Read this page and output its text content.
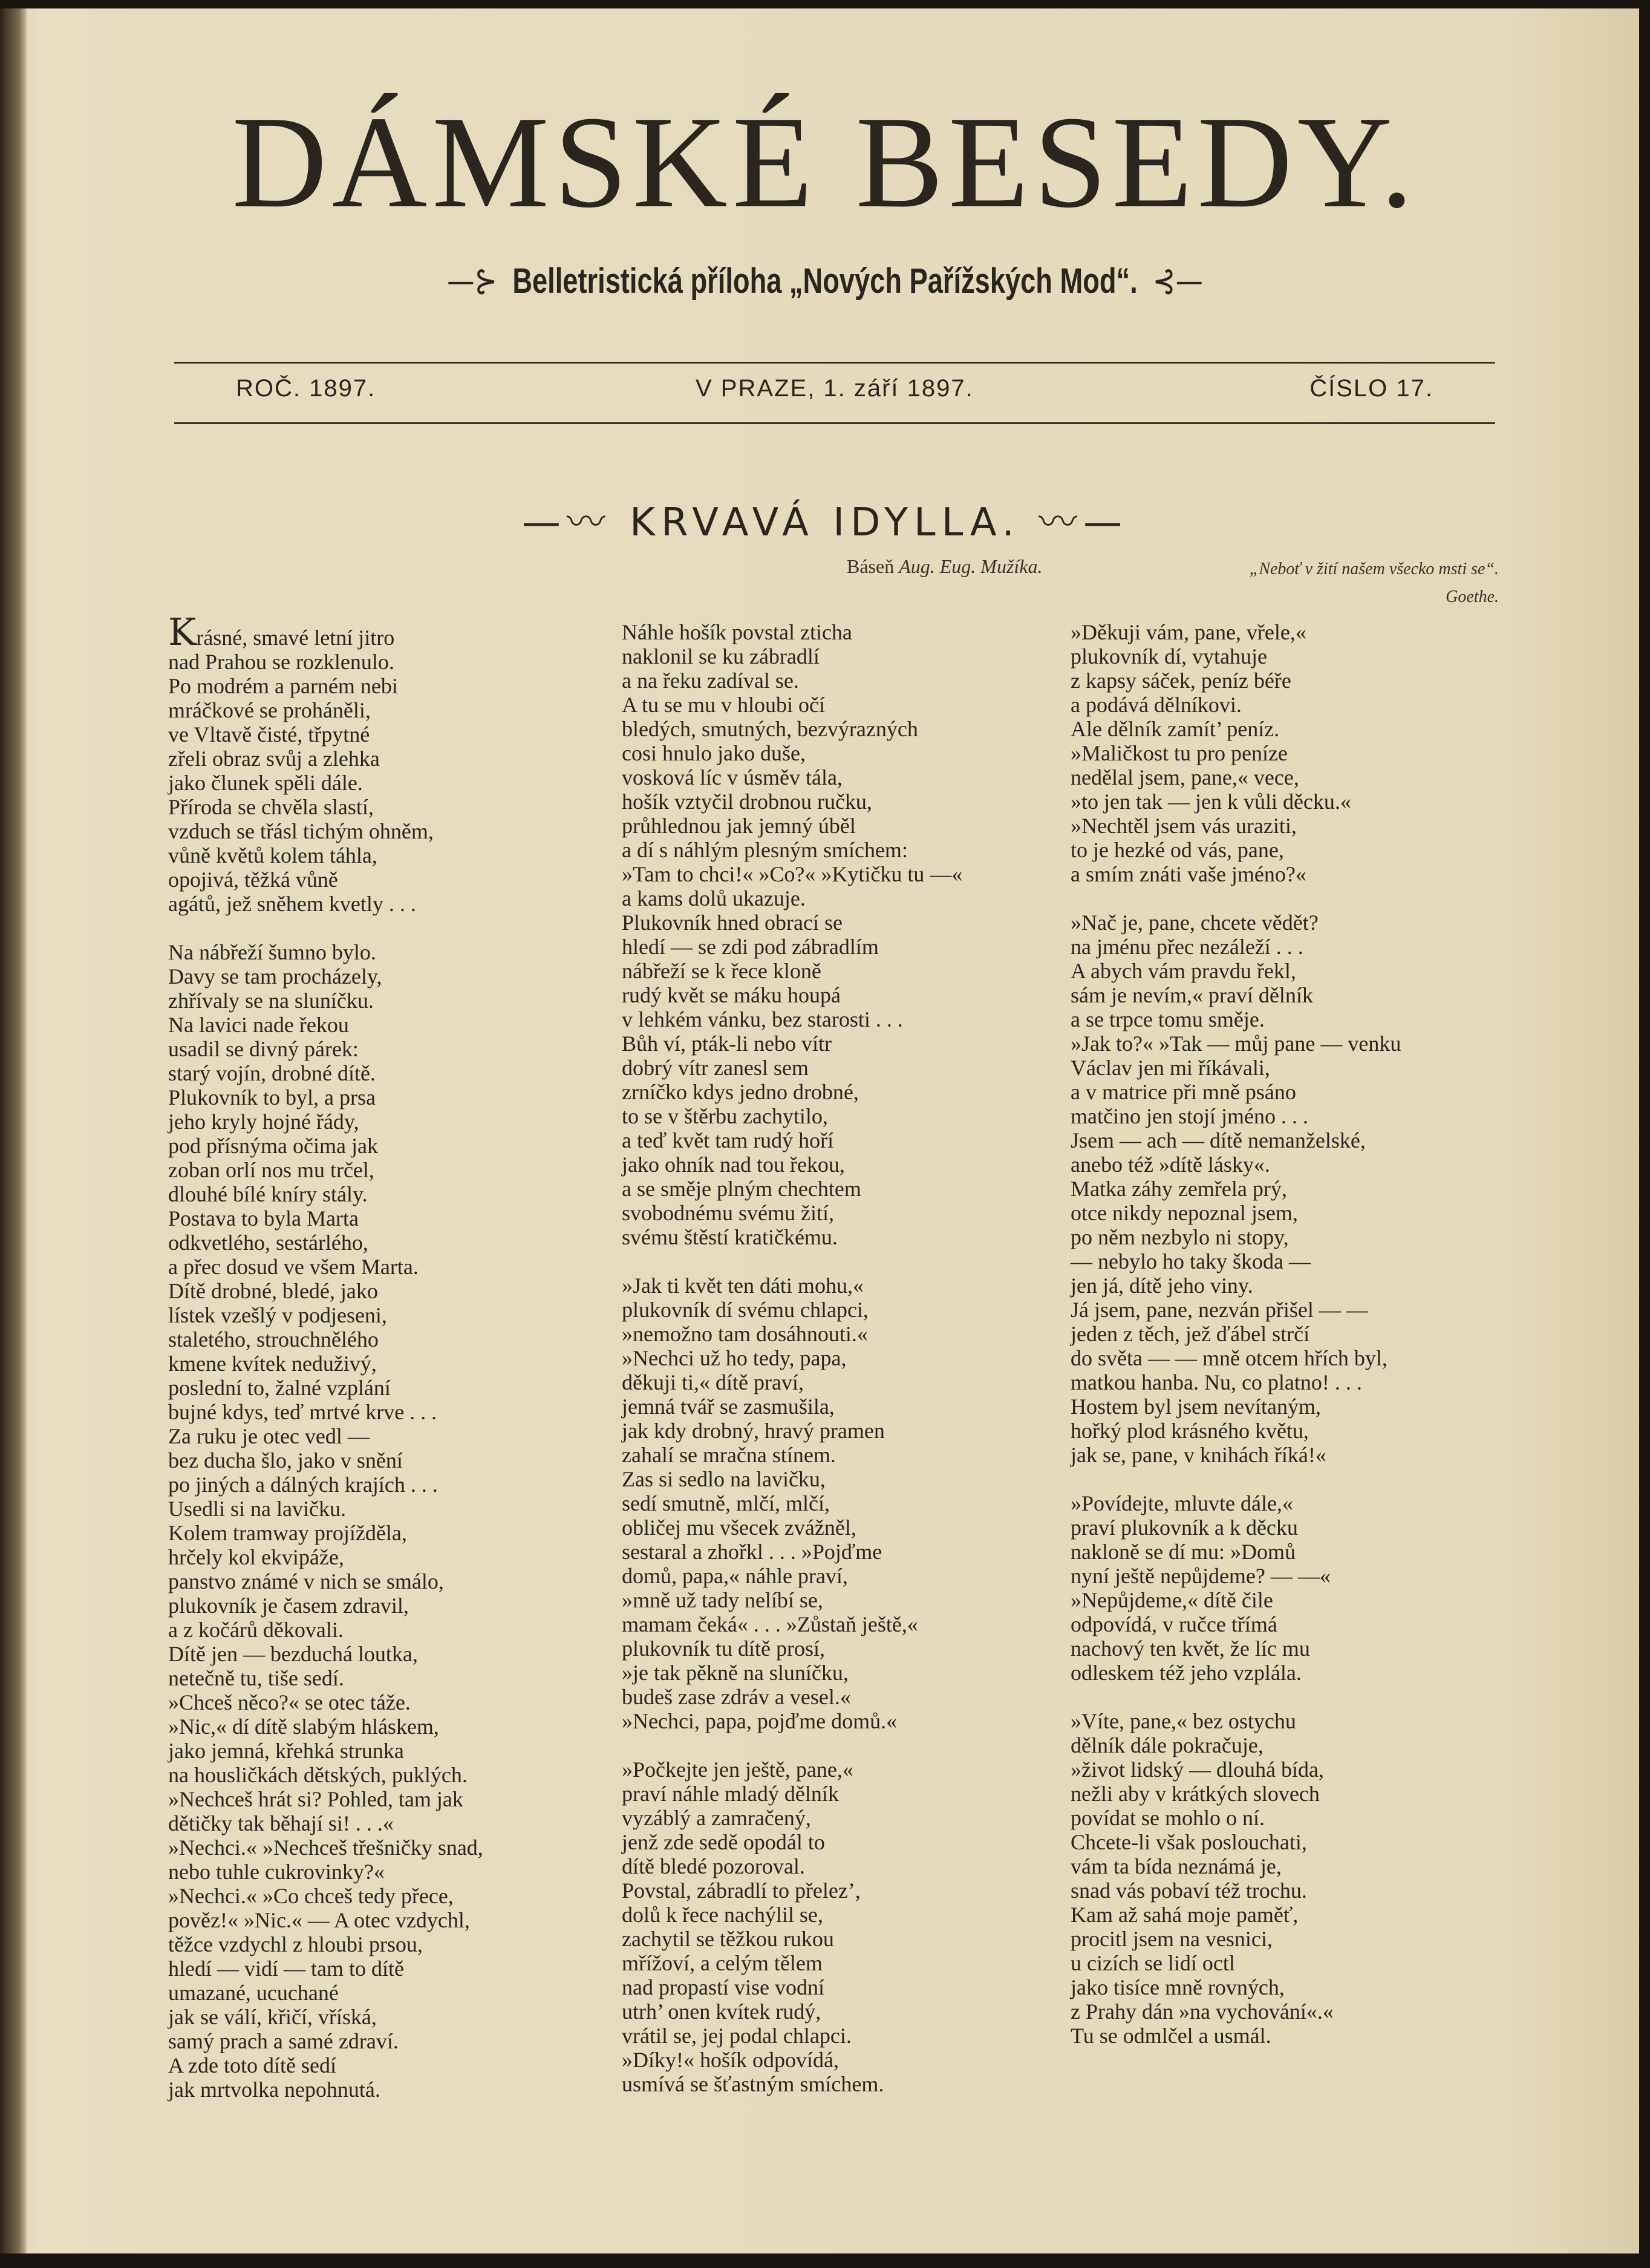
DÁMSKÉ BESEDY.
—⊱ Belletristická příloha „Nových Pařížských Mod“. ⊰—
ROČ. 1897.	V PRAZE, 1. září 1897.	ČÍSLO 17.
—〰 KRVAVÁ IDYLLA. 〰—
Báseň Aug. Eug. Mužíka.	„Neboť v žití našem všecko msti se“.
Goethe.
Krásné, smavé letní jitro
nad Prahou se rozklenulo.
Po modrém a parném nebi
mráčkové se proháněli,
ve Vltavě čisté, třpytné
zřeli obraz svůj a zlehka
jako člunek spěli dále.
Příroda se chvěla slastí,
vzduch se třásl tichým ohněm,
vůně květů kolem táhla,
opojivá, těžká vůně
agátů, jež sněhem kvetly . . .
Na nábřeží šumno bylo.
Davy se tam procházely,
zhřívaly se na sluníčku.
Na lavici nade řekou
usadil se divný párek:
starý vojín, drobné dítě.
Plukovník to byl, a prsa
jeho kryly hojné řády,
pod přísnýma očima jak
zoban orlí nos mu trčel,
dlouhé bílé kníry stály.
Postava to byla Marta
odkvetlého, sestárlého,
a přec dosud ve všem Marta.
Dítě drobné, bledé, jako
lístek vzešlý v podjeseni,
staletého, strouchnělého
kmene kvítek neduživý,
poslední to, žalné vzplání
bujné kdys, teď mrtvé krve . . .
Za ruku je otec vedl —
bez ducha šlo, jako v snění
po jiných a dálných krajích . . .
Usedli si na lavičku.
Kolem tramway projížděla,
hrčely kol ekvipáže,
panstvo známé v nich se smálo,
plukovník je časem zdravil,
a z kočárů děkovali.
Dítě jen — bezduchá loutka,
netečně tu, tiše sedí.
»Chceš něco?« se otec táže.
»Nic,« dí dítě slabým hláskem,
jako jemná, křehká strunka
na housličkách dětských, puklých.
»Nechceš hrát si? Pohled, tam jak
dětičky tak běhají si! . . .«
»Nechci.« »Nechceš třešničky snad,
nebo tuhle cukrovinky?«
»Nechci.« »Co chceš tedy přece,
pověz!« »Nic.« — A otec vzdychl,
těžce vzdychl z hloubi prsou,
hledí — vidí — tam to dítě
umazané, ucuchané
jak se válí, křičí, vříská,
samý prach a samé zdraví.
A zde toto dítě sedí
jak mrtvolka nepohnutá.
Náhle hošík povstal zticha
naklonil se ku zábradlí
a na řeku zadíval se.
A tu se mu v hloubi očí
bledých, smutných, bezvýrazných
cosi hnulo jako duše,
vosková líc v úsměv tála,
hošík vztyčil drobnou ručku,
průhlednou jak jemný úběl
a dí s náhlým plesným smíchem:
»Tam to chci!« »Co?« »Kytičku tu —«
a kams dolů ukazuje.
Plukovník hned obrací se
hledí — se zdi pod zábradlím
nábřeží se k řece kloně
rudý květ se máku houpá
v lehkém vánku, bez starosti . . .
Bůh ví, pták-li nebo vítr
dobrý vítr zanesl sem
zrníčko kdys jedno drobné,
to se v štěrbu zachytilo,
a teď květ tam rudý hoří
jako ohník nad tou řekou,
a se směje plným chechtem
svobodnému svému žití,
svému štěstí kratičkému.
»Jak ti květ ten dáti mohu,«
plukovník dí svému chlapci,
»nemožno tam dosáhnouti.«
»Nechci už ho tedy, papa,
děkuji ti,« dítě praví,
jemná tvář se zasmušila,
jak kdy drobný, hravý pramen
zahalí se mračna stínem.
Zas si sedlo na lavičku,
sedí smutně, mlčí, mlčí,
obličej mu všecek zvážněl,
sestaral a zhořkl . . . »Pojďme
domů, papa,« náhle praví,
»mně už tady nelíbí se,
mamam čeká« . . . »Zůstaň ještě,«
plukovník tu dítě prosí,
»je tak pěkně na sluníčku,
budeš zase zdráv a vesel.«
»Nechci, papa, pojďme domů.«
»Počkejte jen ještě, pane,«
praví náhle mladý dělník
vyzáblý a zamračený,
jenž zde sedě opodál to
dítě bledé pozoroval.
Povstal, zábradlí to přelez’,
dolů k řece nachýlil se,
zachytil se těžkou rukou
mřížoví, a celým tělem
nad propastí vise vodní
utrh’ onen kvítek rudý,
vrátil se, jej podal chlapci.
»Díky!« hošík odpovídá,
usmívá se šťastným smíchem.
»Děkuji vám, pane, vřele,«
plukovník dí, vytahuje
z kapsy sáček, peníz béře
a podává dělníkovi.
Ale dělník zamít’ peníz.
»Maličkost tu pro peníze
nedělal jsem, pane,« vece,
»to jen tak — jen k vůli děcku.«
»Nechtěl jsem vás uraziti,
to je hezké od vás, pane,
a smím znáti vaše jméno?«
»Nač je, pane, chcete vědět?
na jménu přec nezáleží . . .
A abych vám pravdu řekl,
sám je nevím,« praví dělník
a se trpce tomu směje.
»Jak to?« »Tak — můj pane — venku
Václav jen mi říkávali,
a v matrice při mně psáno
matčino jen stojí jméno . . .
Jsem — ach — dítě nemanželské,
anebo též »dítě lásky«.
Matka záhy zemřela prý,
otce nikdy nepoznal jsem,
po něm nezbylo ni stopy,
— nebylo ho taky škoda —
jen já, dítě jeho viny.
Já jsem, pane, nezván přišel — —
jeden z těch, jež ďábel strčí
do světa — — mně otcem hřích byl,
matkou hanba. Nu, co platno! . . .
Hostem byl jsem nevítaným,
hořký plod krásného květu,
jak se, pane, v knihách říká!«
»Povídejte, mluvte dále,«
praví plukovník a k děcku
nakloně se dí mu: »Domů
nyní ještě nepůjdeme? — —«
»Nepůjdeme,« dítě čile
odpovídá, v ručce třímá
nachový ten květ, že líc mu
odleskem též jeho vzplála.
»Víte, pane,« bez ostychu
dělník dále pokračuje,
»život lidský — dlouhá bída,
nežli aby v krátkých slovech
povídat se mohlo o ní.
Chcete-li však poslouchati,
vám ta bída neznámá je,
snad vás pobaví též trochu.
Kam až sahá moje paměť,
procitl jsem na vesnici,
u cizích se lidí octl
jako tisíce mně rovných,
z Prahy dán »na vychování«.«
Tu se odmlčel a usmál.
